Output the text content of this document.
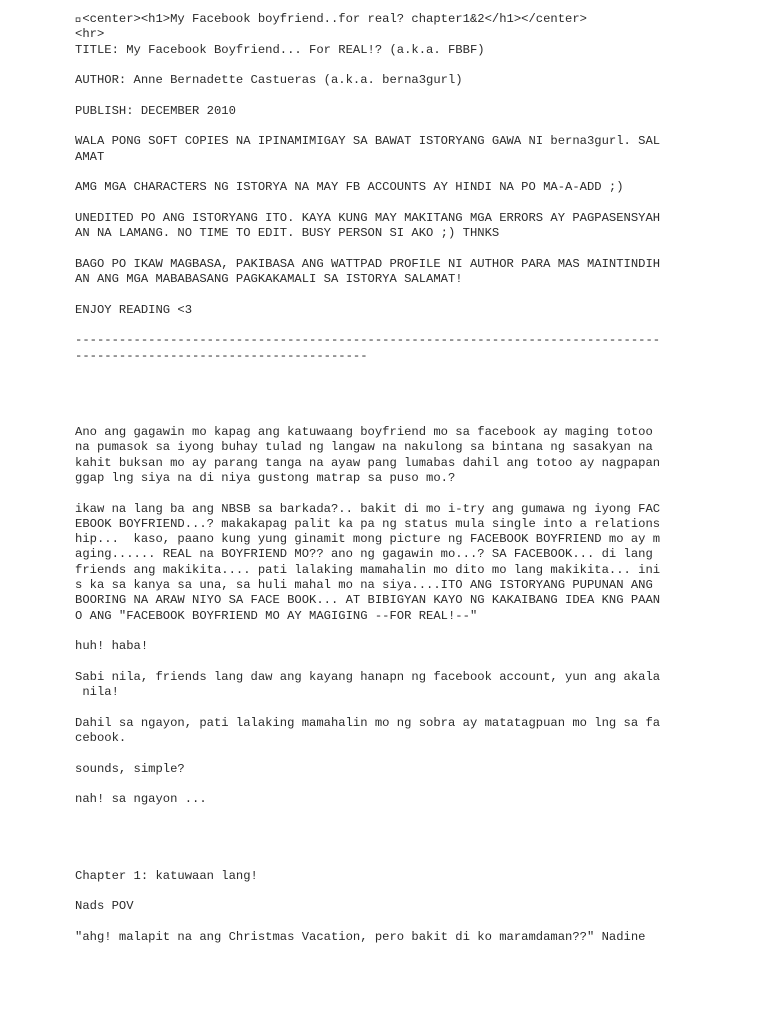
 <center><h1>My Facebook boyfriend..for real? chapter1&2</h1></center>
<hr>
TITLE: My Facebook Boyfriend... For REAL!? (a.k.a. FBBF)
AUTHOR: Anne Bernadette Castueras (a.k.a. berna3gurl)
PUBLISH: DECEMBER 2010
WALA PONG SOFT COPIES NA IPINAMIMIGAY SA BAWAT ISTORYANG GAWA NI berna3gurl. SAL
AMAT
AMG MGA CHARACTERS NG ISTORYA NA MAY FB ACCOUNTS AY HINDI NA PO MA-A-ADD ;)
UNEDITED PO ANG ISTORYANG ITO. KAYA KUNG MAY MAKITANG MGA ERRORS AY PAGPASENSYAH
AN NA LAMANG. NO TIME TO EDIT. BUSY PERSON SI AKO ;) THNKS
BAGO PO IKAW MAGBASA, PAKIBASA ANG WATTPAD PROFILE NI AUTHOR PARA MAS MAINTINDIH
AN ANG MGA MABABASANG PAGKAKAMALI SA ISTORYA SALAMAT!
ENJOY READING <3
--------------------------------------------------------------------------------
----------------------------------------
Ano ang gagawin mo kapag ang katuwaang boyfriend mo sa facebook ay maging totoo
na pumasok sa iyong buhay tulad ng langaw na nakulong sa bintana ng sasakyan na
kahit buksan mo ay parang tanga na ayaw pang lumabas dahil ang totoo ay nagpapan
ggap lng siya na di niya gustong matrap sa puso mo.?
ikaw na lang ba ang NBSB sa barkada?.. bakit di mo i-try ang gumawa ng iyong FAC
EBOOK BOYFRIEND...? makakapag palit ka pa ng status mula single into a relations
hip...  kaso, paano kung yung ginamit mong picture ng FACEBOOK BOYFRIEND mo ay m
aging...... REAL na BOYFRIEND MO?? ano ng gagawin mo...? SA FACEBOOK... di lang
friends ang makikita.... pati lalaking mamahalin mo dito mo lang makikita... ini
s ka sa kanya sa una, sa huli mahal mo na siya....ITO ANG ISTORYANG PUPUNAN ANG
BOORING NA ARAW NIYO SA FACE BOOK... AT BIBIGYAN KAYO NG KAKAIBANG IDEA KNG PAAN
O ANG "FACEBOOK BOYFRIEND MO AY MAGIGING --FOR REAL!--"
huh! haba!
Sabi nila, friends lang daw ang kayang hanapn ng facebook account, yun ang akala
nila!
Dahil sa ngayon, pati lalaking mamahalin mo ng sobra ay matatagpuan mo lng sa fa
cebook.
sounds, simple?
nah! sa ngayon ...
Chapter 1: katuwaan lang!
Nads POV
"ahg! malapit na ang Christmas Vacation, pero bakit di ko maramdaman??" Nadine
